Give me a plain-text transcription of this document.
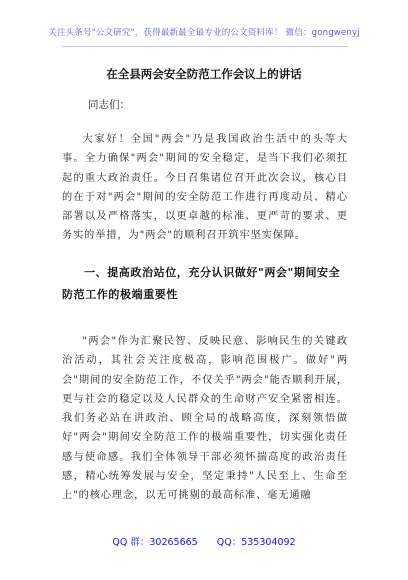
关注头条号"公文研究"，获得最新最全最专业的公文资料库！ 微信：gongwenyj
在全县两会安全防范工作会议上的讲话
同志们：

大家好！全国"两会"乃是我国政治生活中的头等大事。全力确保"两会"期间的安全稳定，是当下我们必须扛起的重大政治责任。今日召集诸位召开此次会议，核心目的在于对"两会"期间的安全防范工作进行再度动员、精心部署以及严格落实，以更卓越的标准、更严苛的要求、更务实的举措，为"两会"的顺利召开筑牢坚实保障。

一、提高政治站位，充分认识做好"两会"期间安全防范工作的极端重要性

"两会"作为汇聚民智、反映民意、影响民生的关键政治活动，其社会关注度极高，影响范围极广。做好"两会"期间的安全防范工作，不仅关乎"两会"能否顺利开展，更与社会的稳定以及人民群众的生命财产安全紧密相连。我们务必站在讲政治、顾全局的战略高度，深刻领悟做好"两会"期间安全防范工作的极端重要性，切实强化责任感与使命感。我们全体领导干部必须怀揣高度的政治责任感，精心统筹发展与安全，坚定秉持"人民至上、生命至上"的核心理念，以无可挑剔的最高标准、毫无通融

QQ 群：30265665 QQ：535304092
